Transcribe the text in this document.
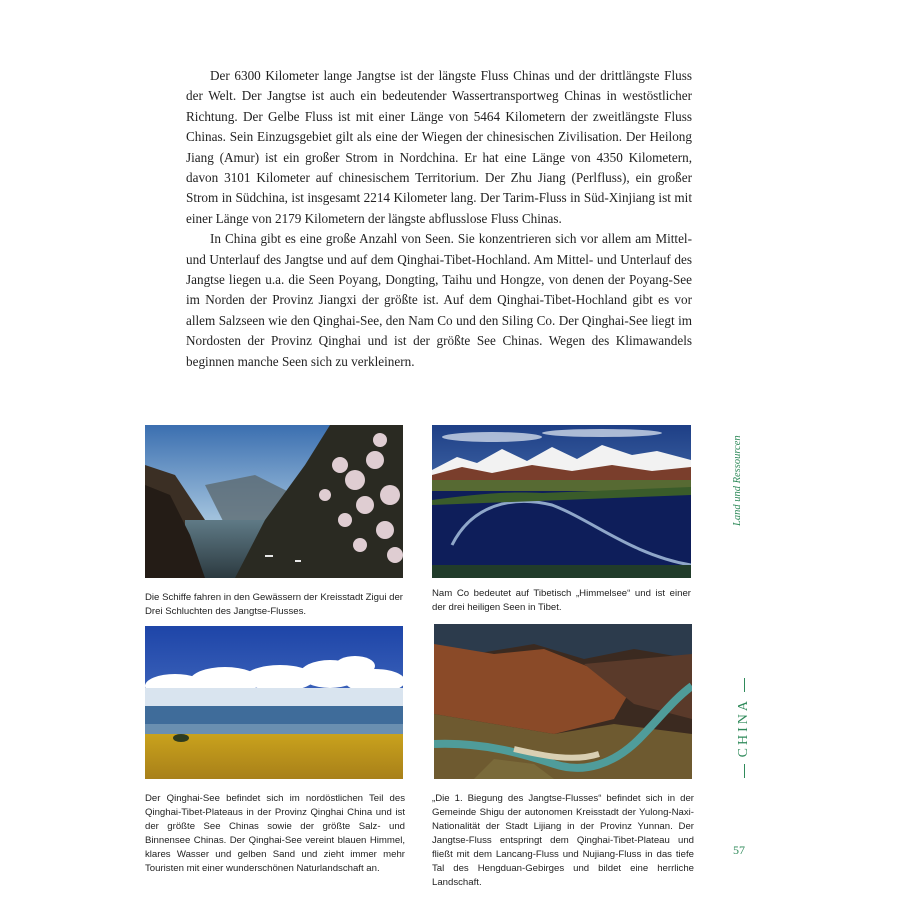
Der 6300 Kilometer lange Jangtse ist der längste Fluss Chinas und der drittlängste Fluss der Welt. Der Jangtse ist auch ein bedeutender Wassertransportweg Chinas in westöstlicher Richtung. Der Gelbe Fluss ist mit einer Länge von 5464 Kilometern der zweitlängste Fluss Chinas. Sein Einzugsgebiet gilt als eine der Wiegen der chinesischen Zivilisation. Der Heilong Jiang (Amur) ist ein großer Strom in Nordchina. Er hat eine Länge von 4350 Kilometern, davon 3101 Kilometer auf chinesischem Territorium. Der Zhu Jiang (Perlfluss), ein großer Strom in Südchina, ist insgesamt 2214 Kilometer lang. Der Tarim-Fluss in Süd-Xinjiang ist mit einer Länge von 2179 Kilometern der längste abflusslose Fluss Chinas.

In China gibt es eine große Anzahl von Seen. Sie konzentrieren sich vor allem am Mittel- und Unterlauf des Jangtse und auf dem Qinghai-Tibet-Hochland. Am Mittel- und Unterlauf des Jangtse liegen u.a. die Seen Poyang, Dongting, Taihu und Hongze, von denen der Poyang-See im Norden der Provinz Jiangxi der größte ist. Auf dem Qinghai-Tibet-Hochland gibt es vor allem Salzseen wie den Qinghai-See, den Nam Co und den Siling Co. Der Qinghai-See liegt im Nordosten der Provinz Qinghai und ist der größte See Chinas. Wegen des Klimawandels beginnen manche Seen sich zu verkleinern.

Die Schiffe fahren in den Gewässern der Kreisstadt Zigui der Drei Schluchten des Jangtse-Flusses.
Nam Co bedeutet auf Tibetisch „Himmelsee“ und ist einer der drei heiligen Seen in Tibet.
Der Qinghai-See befindet sich im nordöstlichen Teil des Qinghai-Tibet-Plateaus in der Provinz Qinghai China und ist der größte See Chinas sowie der größte Salz- und Binnensee Chinas. Der Qinghai-See vereint blauen Himmel, klares Wasser und gelben Sand und zieht immer mehr Touristen mit einer wunderschönen Naturlandschaft an.
„Die 1. Biegung des Jangtse-Flusses“ befindet sich in der Gemeinde Shigu der autonomen Kreisstadt der Yulong-Naxi-Nationalität der Stadt Lijiang in der Provinz Yunnan. Der Jangtse-Fluss entspringt dem Qinghai-Tibet-Plateau und fließt mit dem Lancang-Fluss und Nujiang-Fluss in das tiefe Tal des Hengduan-Gebirges und bildet eine herrliche Landschaft.
Land und Ressourcen
CHINA
57
